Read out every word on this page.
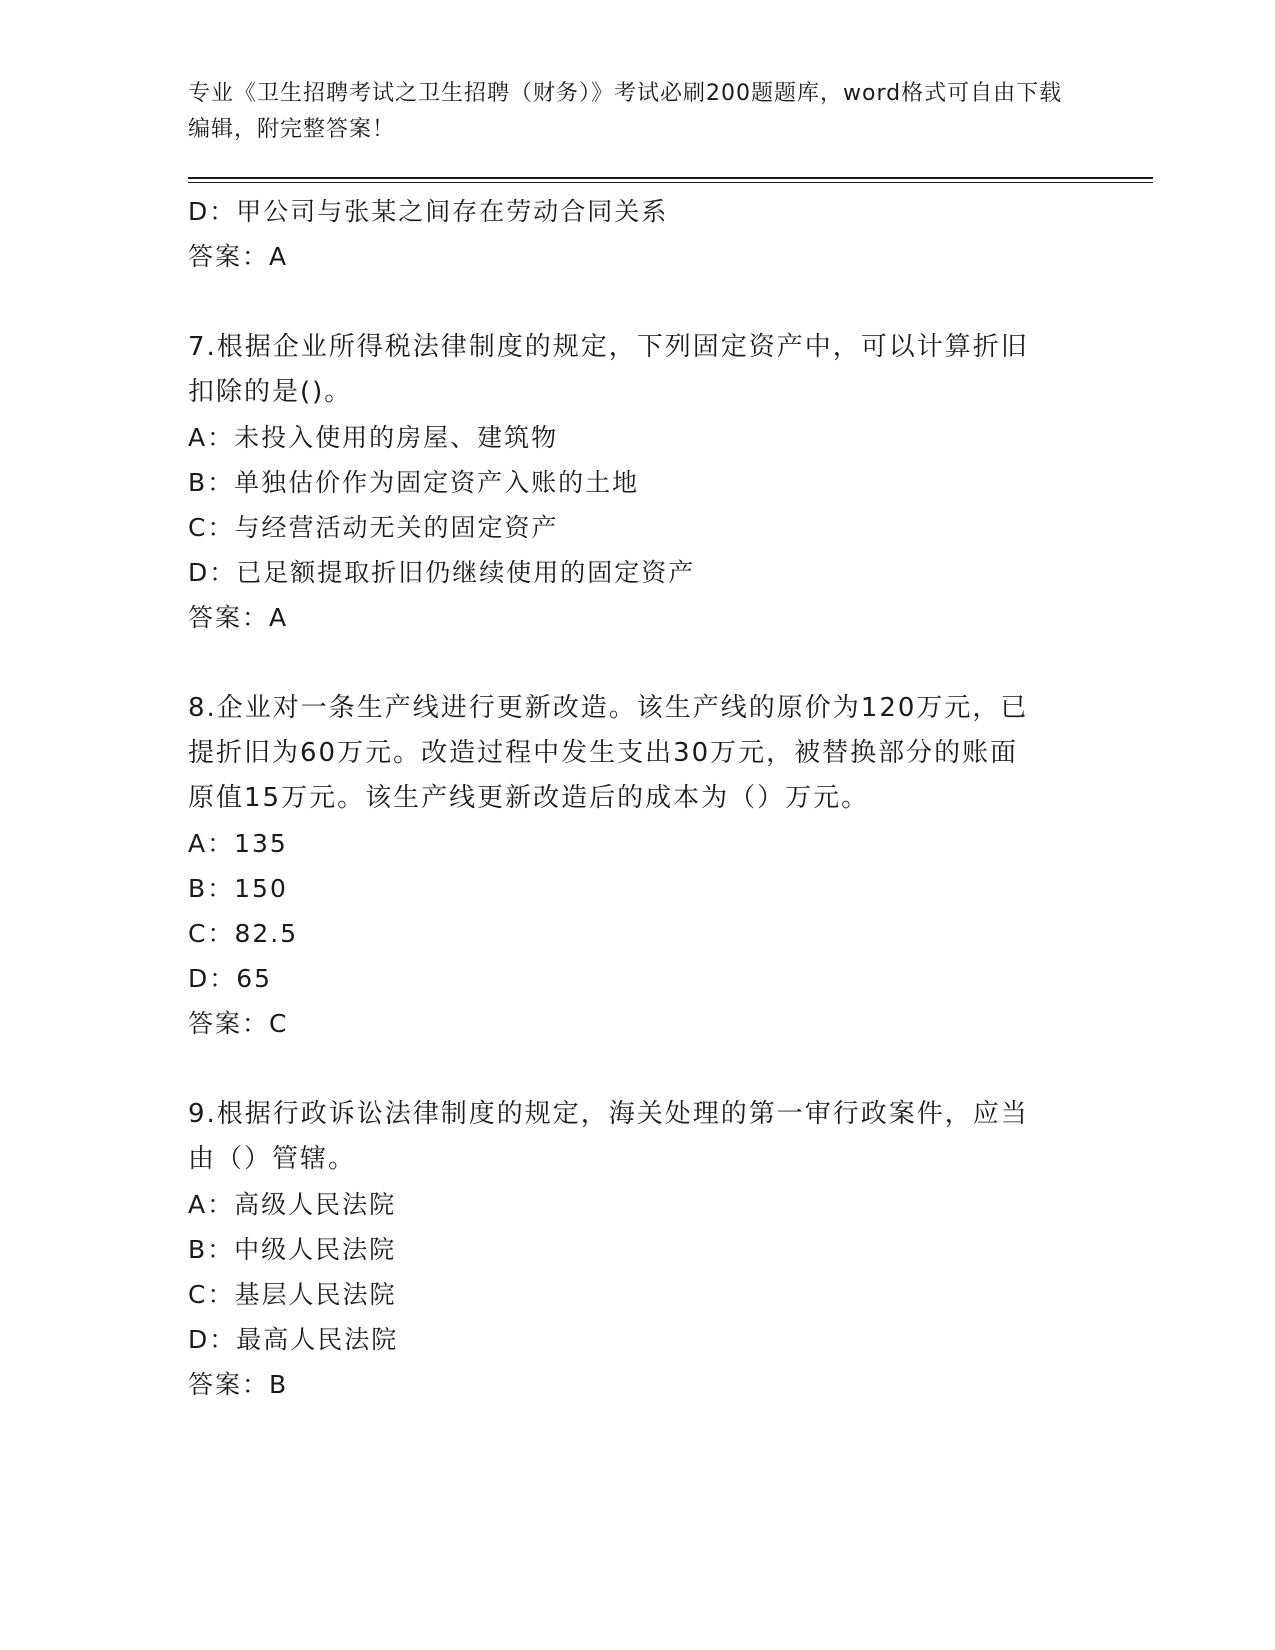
专业《卫生招聘考试之卫生招聘（财务）》考试必刷200题题库，word格式可自由下载编辑，附完整答案！
D：甲公司与张某之间存在劳动合同关系
答案：A
7.根据企业所得税法律制度的规定，下列固定资产中，可以计算折旧
扣除的是()。
A：未投入使用的房屋、建筑物
B：单独估价作为固定资产入账的土地
C：与经营活动无关的固定资产
D：已足额提取折旧仍继续使用的固定资产
答案：A
8.企业对一条生产线进行更新改造。该生产线的原价为120万元，已
提折旧为60万元。改造过程中发生支出30万元，被替换部分的账面
原值15万元。该生产线更新改造后的成本为（）万元。
A：135
B：150
C：82.5
D：65
答案：C
9.根据行政诉讼法律制度的规定，海关处理的第一审行政案件，应当
由（）管辖。
A：高级人民法院
B：中级人民法院
C：基层人民法院
D：最高人民法院
答案：B
